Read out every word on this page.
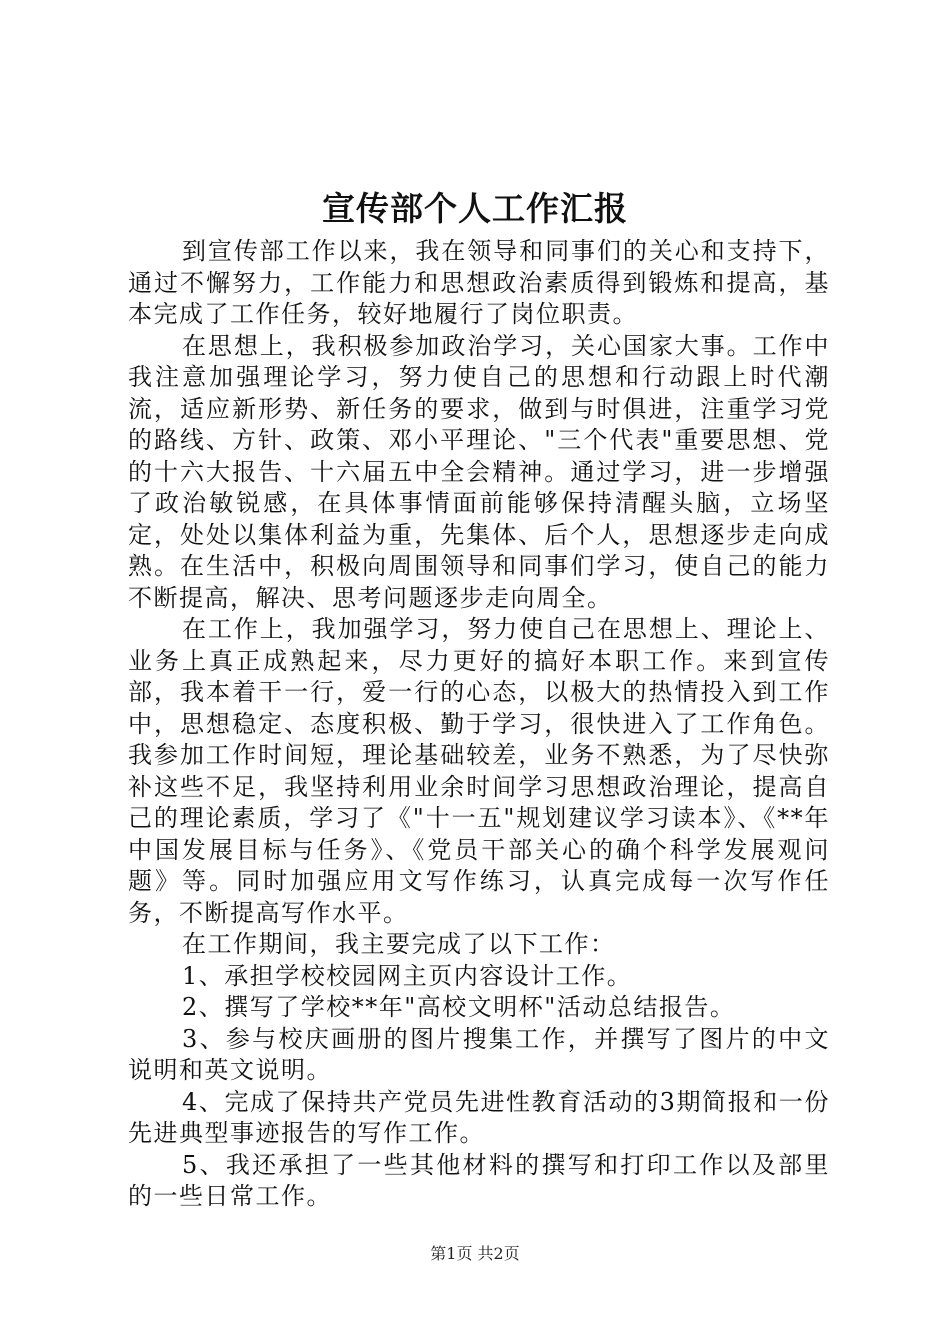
宣传部个人工作汇报

到宣传部工作以来，我在领导和同事们的关心和支持下，通过不懈努力，工作能力和思想政治素质得到锻炼和提高，基本完成了工作任务，较好地履行了岗位职责。

在思想上，我积极参加政治学习，关心国家大事。工作中我注意加强理论学习，努力使自己的思想和行动跟上时代潮流，适应新形势、新任务的要求，做到与时俱进，注重学习党的路线、方针、政策、邓小平理论、"三个代表"重要思想、党的十六大报告、十六届五中全会精神。通过学习，进一步增强了政治敏锐感，在具体事情面前能够保持清醒头脑，立场坚定，处处以集体利益为重，先集体、后个人，思想逐步走向成熟。在生活中，积极向周围领导和同事们学习，使自己的能力不断提高，解决、思考问题逐步走向周全。

在工作上，我加强学习，努力使自己在思想上、理论上、业务上真正成熟起来，尽力更好的搞好本职工作。来到宣传部，我本着干一行，爱一行的心态，以极大的热情投入到工作中，思想稳定、态度积极、勤于学习，很快进入了工作角色。我参加工作时间短，理论基础较差，业务不熟悉，为了尽快弥补这些不足，我坚持利用业余时间学习思想政治理论，提高自己的理论素质，学习了《"十一五"规划建议学习读本》、《**年中国发展目标与任务》、《党员干部关心的确个科学发展观问题》等。同时加强应用文写作练习，认真完成每一次写作任务，不断提高写作水平。

在工作期间，我主要完成了以下工作：

1、承担学校校园网主页内容设计工作。

2、撰写了学校**年"高校文明杯"活动总结报告。

3、参与校庆画册的图片搜集工作，并撰写了图片的中文说明和英文说明。

4、完成了保持共产党员先进性教育活动的3期简报和一份先进典型事迹报告的写作工作。

5、我还承担了一些其他材料的撰写和打印工作以及部里的一些日常工作。

第1页 共2页
